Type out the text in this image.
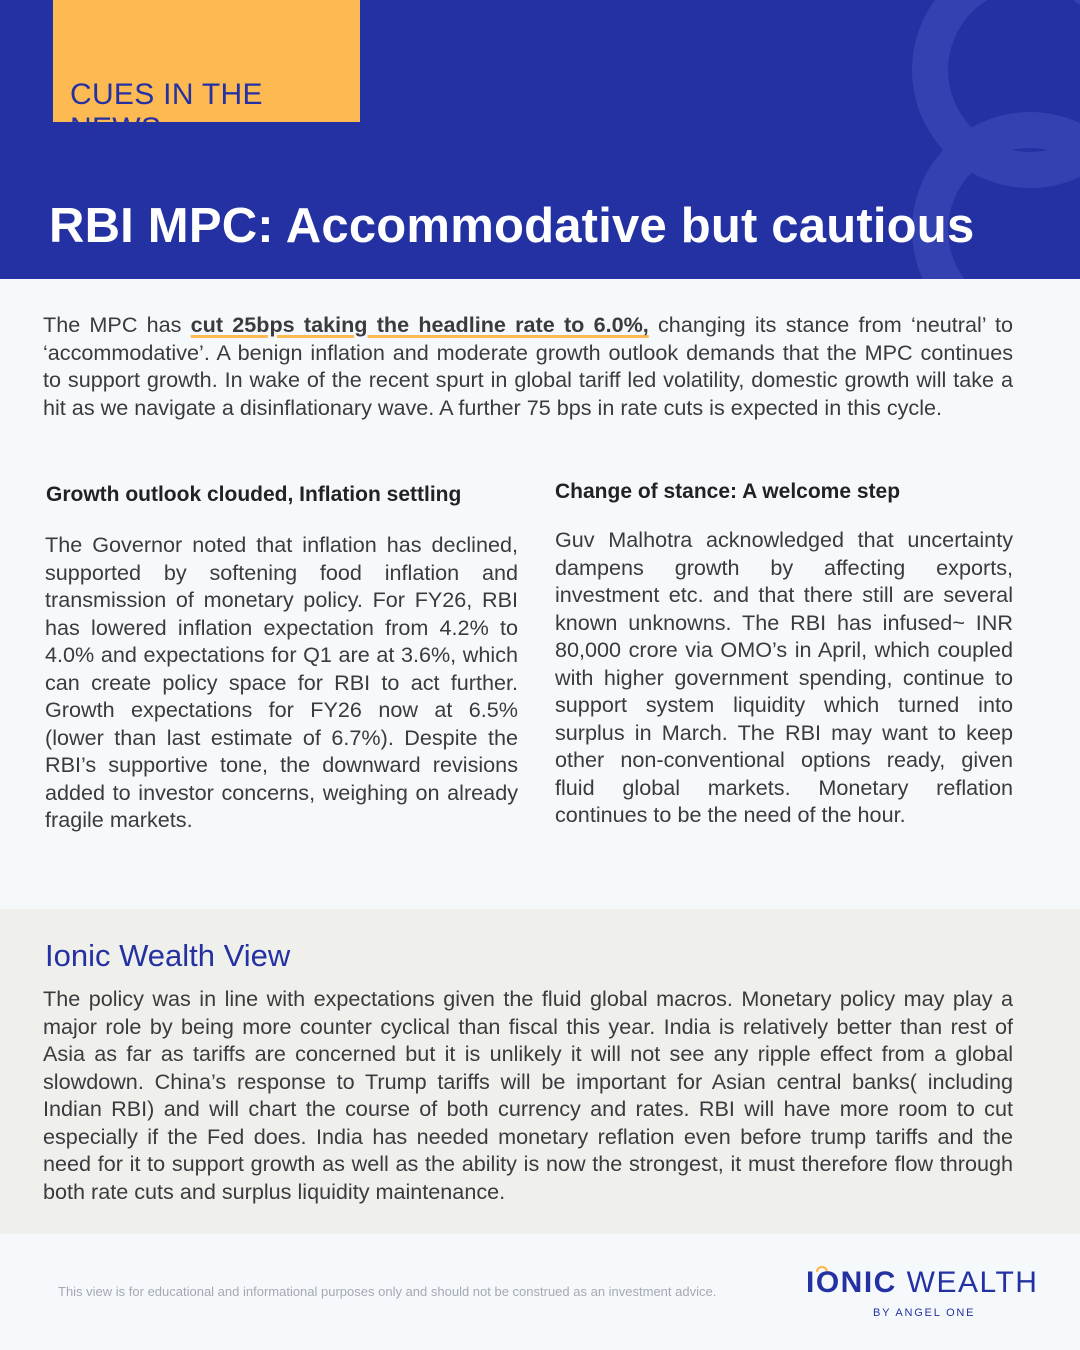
CUES IN THE NEWS
RBI MPC: Accommodative but cautious

The MPC has cut 25bps taking the headline rate to 6.0%, changing its stance from ‘neutral’ to ‘accommodative’. A benign inflation and moderate growth outlook demands that the MPC continues to support growth. In wake of the recent spurt in global tariff led volatility, domestic growth will take a hit as we navigate a disinflationary wave. A further 75 bps in rate cuts is expected in this cycle.

Growth outlook clouded, Inflation settling

The Governor noted that inflation has declined, supported by softening food inflation and transmission of monetary policy. For FY26, RBI has lowered inflation expectation from 4.2% to 4.0% and expectations for Q1 are at 3.6%, which can create policy space for RBI to act further. Growth expectations for FY26 now at 6.5% (lower than last estimate of 6.7%). Despite the RBI’s supportive tone, the downward revisions added to investor concerns, weighing on already fragile markets.

Change of stance: A welcome step

Guv Malhotra acknowledged that uncertainty dampens growth by affecting exports, investment etc. and that there still are several known unknowns. The RBI has infused~ INR 80,000 crore via OMO’s in April, which coupled with higher government spending, continue to support system liquidity which turned into surplus in March. The RBI may want to keep other non-conventional options ready, given fluid global markets. Monetary reflation continues to be the need of the hour.

Ionic Wealth View

The policy was in line with expectations given the fluid global macros. Monetary policy may play a major role by being more counter cyclical than fiscal this year. India is relatively better than rest of Asia as far as tariffs are concerned but it is unlikely it will not see any ripple effect from a global slowdown. China’s response to Trump tariffs will be important for Asian central banks( including Indian RBI) and will chart the course of both currency and rates. RBI will have more room to cut especially if the Fed does. India has needed monetary reflation even before trump tariffs and the need for it to support growth as well as the ability is now the strongest, it must therefore flow through both rate cuts and surplus liquidity maintenance.

This view is for educational and informational purposes only and should not be construed as an investment advice.	IONIC WEALTH
BY ANGEL ONE
